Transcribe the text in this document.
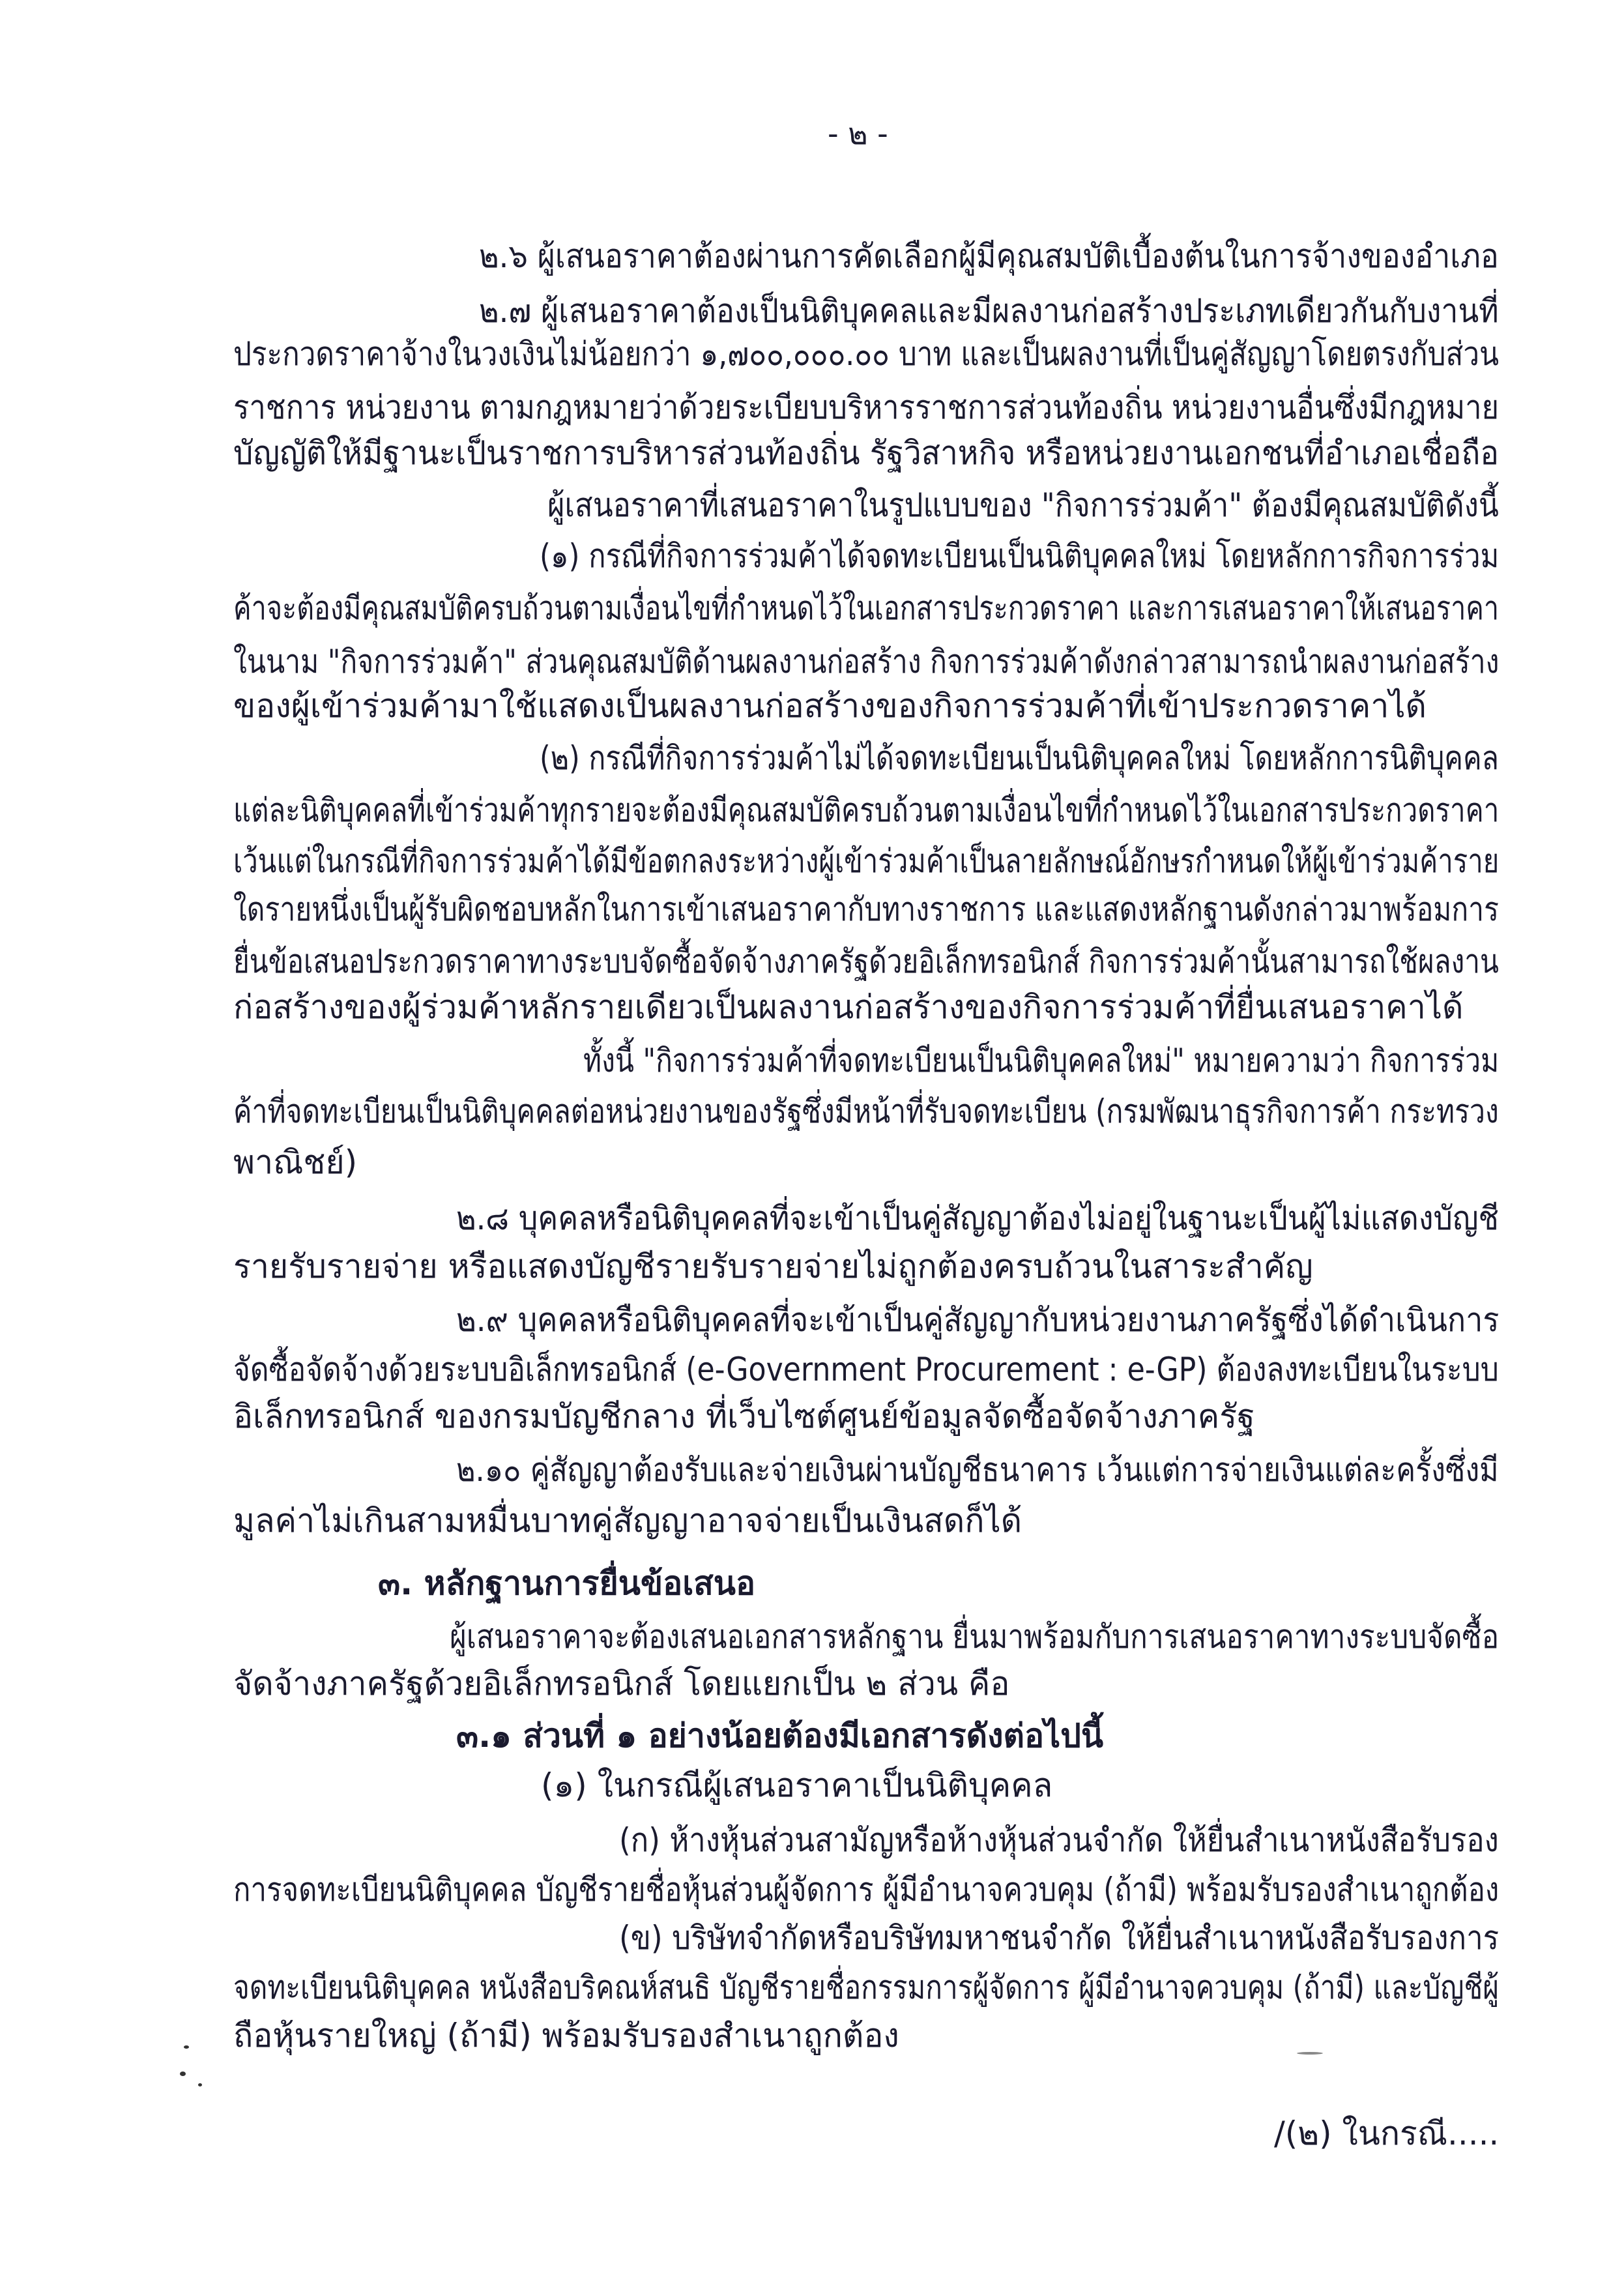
- ๒ -
๒.๖ ผู้เสนอราคาต้องผ่านการคัดเลือกผู้มีคุณสมบัติเบื้องต้นในการจ้างของอำเภอ
๒.๗ ผู้เสนอราคาต้องเป็นนิติบุคคลและมีผลงานก่อสร้างประเภทเดียวกันกับงานที่
ประกวดราคาจ้างในวงเงินไม่น้อยกว่า ๑,๗๐๐,๐๐๐.๐๐ บาท และเป็นผลงานที่เป็นคู่สัญญาโดยตรงกับส่วน
ราชการ หน่วยงาน ตามกฎหมายว่าด้วยระเบียบบริหารราชการส่วนท้องถิ่น หน่วยงานอื่นซึ่งมีกฎหมาย
บัญญัติให้มีฐานะเป็นราชการบริหารส่วนท้องถิ่น รัฐวิสาหกิจ หรือหน่วยงานเอกชนที่อำเภอเชื่อถือ
ผู้เสนอราคาที่เสนอราคาในรูปแบบของ "กิจการร่วมค้า" ต้องมีคุณสมบัติดังนี้
(๑) กรณีที่กิจการร่วมค้าได้จดทะเบียนเป็นนิติบุคคลใหม่ โดยหลักการกิจการร่วม
ค้าจะต้องมีคุณสมบัติครบถ้วนตามเงื่อนไขที่กำหนดไว้ในเอกสารประกวดราคา และการเสนอราคาให้เสนอราคา
ในนาม "กิจการร่วมค้า" ส่วนคุณสมบัติด้านผลงานก่อสร้าง กิจการร่วมค้าดังกล่าวสามารถนำผลงานก่อสร้าง
ของผู้เข้าร่วมค้ามาใช้แสดงเป็นผลงานก่อสร้างของกิจการร่วมค้าที่เข้าประกวดราคาได้
(๒) กรณีที่กิจการร่วมค้าไม่ได้จดทะเบียนเป็นนิติบุคคลใหม่ โดยหลักการนิติบุคคล
แต่ละนิติบุคคลที่เข้าร่วมค้าทุกรายจะต้องมีคุณสมบัติครบถ้วนตามเงื่อนไขที่กำหนดไว้ในเอกสารประกวดราคา
เว้นแต่ในกรณีที่กิจการร่วมค้าได้มีข้อตกลงระหว่างผู้เข้าร่วมค้าเป็นลายลักษณ์อักษรกำหนดให้ผู้เข้าร่วมค้าราย
ใดรายหนึ่งเป็นผู้รับผิดชอบหลักในการเข้าเสนอราคากับทางราชการ และแสดงหลักฐานดังกล่าวมาพร้อมการ
ยื่นข้อเสนอประกวดราคาทางระบบจัดซื้อจัดจ้างภาครัฐด้วยอิเล็กทรอนิกส์ กิจการร่วมค้านั้นสามารถใช้ผลงาน
ก่อสร้างของผู้ร่วมค้าหลักรายเดียวเป็นผลงานก่อสร้างของกิจการร่วมค้าที่ยื่นเสนอราคาได้
ทั้งนี้ "กิจการร่วมค้าที่จดทะเบียนเป็นนิติบุคคลใหม่" หมายความว่า กิจการร่วม
ค้าที่จดทะเบียนเป็นนิติบุคคลต่อหน่วยงานของรัฐซึ่งมีหน้าที่รับจดทะเบียน (กรมพัฒนาธุรกิจการค้า กระทรวง
พาณิชย์)
๒.๘ บุคคลหรือนิติบุคคลที่จะเข้าเป็นคู่สัญญาต้องไม่อยู่ในฐานะเป็นผู้ไม่แสดงบัญชี
รายรับรายจ่าย หรือแสดงบัญชีรายรับรายจ่ายไม่ถูกต้องครบถ้วนในสาระสำคัญ
๒.๙ บุคคลหรือนิติบุคคลที่จะเข้าเป็นคู่สัญญากับหน่วยงานภาครัฐซึ่งได้ดำเนินการ
จัดซื้อจัดจ้างด้วยระบบอิเล็กทรอนิกส์ (e-Government Procurement : e-GP) ต้องลงทะเบียนในระบบ
อิเล็กทรอนิกส์ ของกรมบัญชีกลาง ที่เว็บไซต์ศูนย์ข้อมูลจัดซื้อจัดจ้างภาครัฐ
๒.๑๐ คู่สัญญาต้องรับและจ่ายเงินผ่านบัญชีธนาคาร เว้นแต่การจ่ายเงินแต่ละครั้งซึ่งมี
มูลค่าไม่เกินสามหมื่นบาทคู่สัญญาอาจจ่ายเป็นเงินสดก็ได้
๓. หลักฐานการยื่นข้อเสนอ
ผู้เสนอราคาจะต้องเสนอเอกสารหลักฐาน ยื่นมาพร้อมกับการเสนอราคาทางระบบจัดซื้อ
จัดจ้างภาครัฐด้วยอิเล็กทรอนิกส์ โดยแยกเป็น ๒ ส่วน คือ
๓.๑ ส่วนที่ ๑ อย่างน้อยต้องมีเอกสารดังต่อไปนี้
(๑) ในกรณีผู้เสนอราคาเป็นนิติบุคคล
(ก) ห้างหุ้นส่วนสามัญหรือห้างหุ้นส่วนจำกัด ให้ยื่นสำเนาหนังสือรับรอง
การจดทะเบียนนิติบุคคล บัญชีรายชื่อหุ้นส่วนผู้จัดการ ผู้มีอำนาจควบคุม (ถ้ามี) พร้อมรับรองสำเนาถูกต้อง
(ข) บริษัทจำกัดหรือบริษัทมหาชนจำกัด ให้ยื่นสำเนาหนังสือรับรองการ
จดทะเบียนนิติบุคคล หนังสือบริคณห์สนธิ บัญชีรายชื่อกรรมการผู้จัดการ ผู้มีอำนาจควบคุม (ถ้ามี) และบัญชีผู้
ถือหุ้นรายใหญ่ (ถ้ามี) พร้อมรับรองสำเนาถูกต้อง
/(๒) ในกรณี.....
